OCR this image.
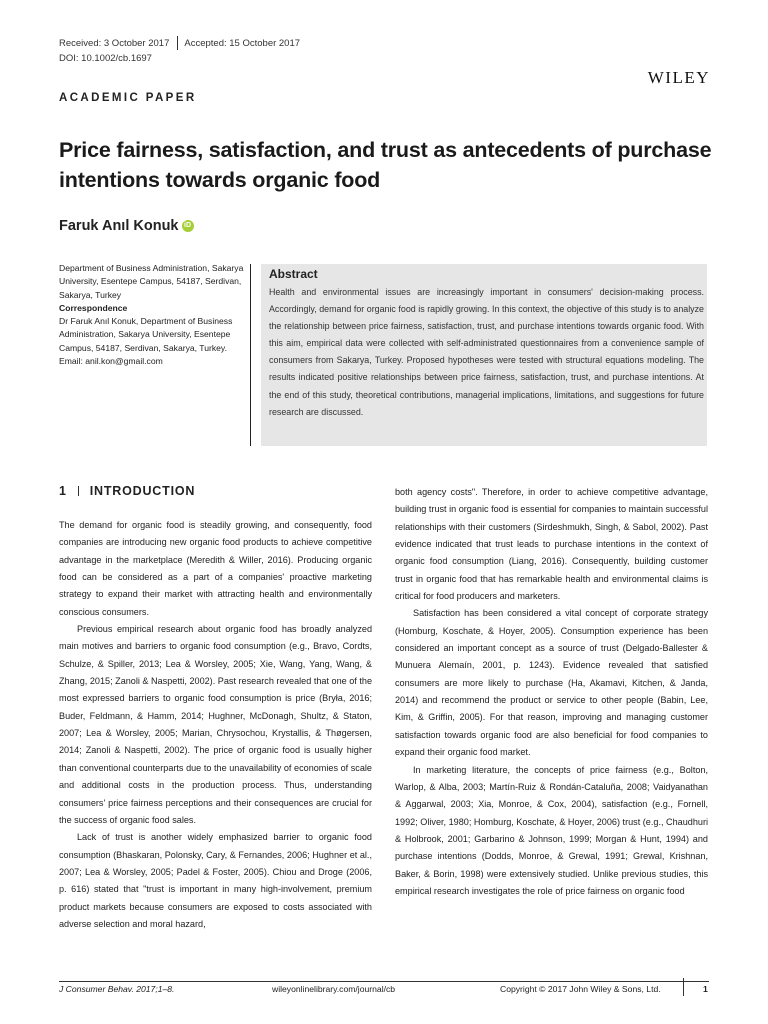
Received: 3 October 2017 Accepted: 15 October 2017
DOI: 10.1002/cb.1697
WILEY
ACADEMIC PAPER
Price fairness, satisfaction, and trust as antecedents of purchase intentions towards organic food
Faruk Anıl Konuk iD
Department of Business Administration, Sakarya University, Esentepe Campus, 54187, Serdivan, Sakarya, Turkey
Correspondence
Dr Faruk Anıl Konuk, Department of Business Administration, Sakarya University, Esentepe Campus, 54187, Serdivan, Sakarya, Turkey.
Email: anil.kon@gmail.com
Abstract
Health and environmental issues are increasingly important in consumers' decision-making process. Accordingly, demand for organic food is rapidly growing. In this context, the objective of this study is to analyze the relationship between price fairness, satisfaction, trust, and purchase intentions towards organic food. With this aim, empirical data were collected with self-administrated questionnaires from a convenience sample of consumers from Sakarya, Turkey. Proposed hypotheses were tested with structural equations modeling. The results indicated positive relationships between price fairness, satisfaction, trust, and purchase intentions. At the end of this study, theoretical contributions, managerial implications, limitations, and suggestions for future research are discussed.
1 INTRODUCTION

The demand for organic food is steadily growing, and consequently, food companies are introducing new organic food products to achieve competitive advantage in the marketplace (Meredith & Willer, 2016). Producing organic food can be considered as a part of a companies' proactive marketing strategy to expand their market with attracting health and environmentally conscious consumers.

Previous empirical research about organic food has broadly analyzed main motives and barriers to organic food consumption (e.g., Bravo, Cordts, Schulze, & Spiller, 2013; Lea & Worsley, 2005; Xie, Wang, Yang, Wang, & Zhang, 2015; Zanoli & Naspetti, 2002). Past research revealed that one of the most expressed barriers to organic food consumption is price (Bryła, 2016; Buder, Feldmann, & Hamm, 2014; Hughner, McDonagh, Shultz, & Staton, 2007; Lea & Worsley, 2005; Marian, Chrysochou, Krystallis, & Thøgersen, 2014; Zanoli & Naspetti, 2002). The price of organic food is usually higher than conventional counterparts due to the unavailability of economies of scale and additional costs in the production process. Thus, understanding consumers' price fairness perceptions and their consequences are crucial for the success of organic food sales.

Lack of trust is another widely emphasized barrier to organic food consumption (Bhaskaran, Polonsky, Cary, & Fernandes, 2006; Hughner et al., 2007; Lea & Worsley, 2005; Padel & Foster, 2005). Chiou and Droge (2006, p. 616) stated that "trust is important in many high-involvement, premium product markets because consumers are exposed to costs associated with adverse selection and moral hazard,

both agency costs". Therefore, in order to achieve competitive advantage, building trust in organic food is essential for companies to maintain successful relationships with their customers (Sirdeshmukh, Singh, & Sabol, 2002). Past evidence indicated that trust leads to purchase intentions in the context of organic food consumption (Liang, 2016). Consequently, building customer trust in organic food that has remarkable health and environmental claims is critical for food producers and marketers.

Satisfaction has been considered a vital concept of corporate strategy (Homburg, Koschate, & Hoyer, 2005). Consumption experience has been considered an important concept as a source of trust (Delgado-Ballester & Munuera Alemaín, 2001, p. 1243). Evidence revealed that satisfied consumers are more likely to purchase (Ha, Akamavi, Kitchen, & Janda, 2014) and recommend the product or service to other people (Babin, Lee, Kim, & Griffin, 2005). For that reason, improving and managing customer satisfaction towards organic food are also beneficial for food companies to expand their organic food market.

In marketing literature, the concepts of price fairness (e.g., Bolton, Warlop, & Alba, 2003; Martín-Ruiz & Rondán-Cataluña, 2008; Vaidyanathan & Aggarwal, 2003; Xia, Monroe, & Cox, 2004), satisfaction (e.g., Fornell, 1992; Oliver, 1980; Homburg, Koschate, & Hoyer, 2006) trust (e.g., Chaudhuri & Holbrook, 2001; Garbarino & Johnson, 1999; Morgan & Hunt, 1994) and purchase intentions (Dodds, Monroe, & Grewal, 1991; Grewal, Krishnan, Baker, & Borin, 1998) were extensively studied. Unlike previous studies, this empirical research investigates the role of price fairness on organic food

J Consumer Behav. 2017;1–8.	wileyonlinelibrary.com/journal/cb	Copyright © 2017 John Wiley & Sons, Ltd.	1
